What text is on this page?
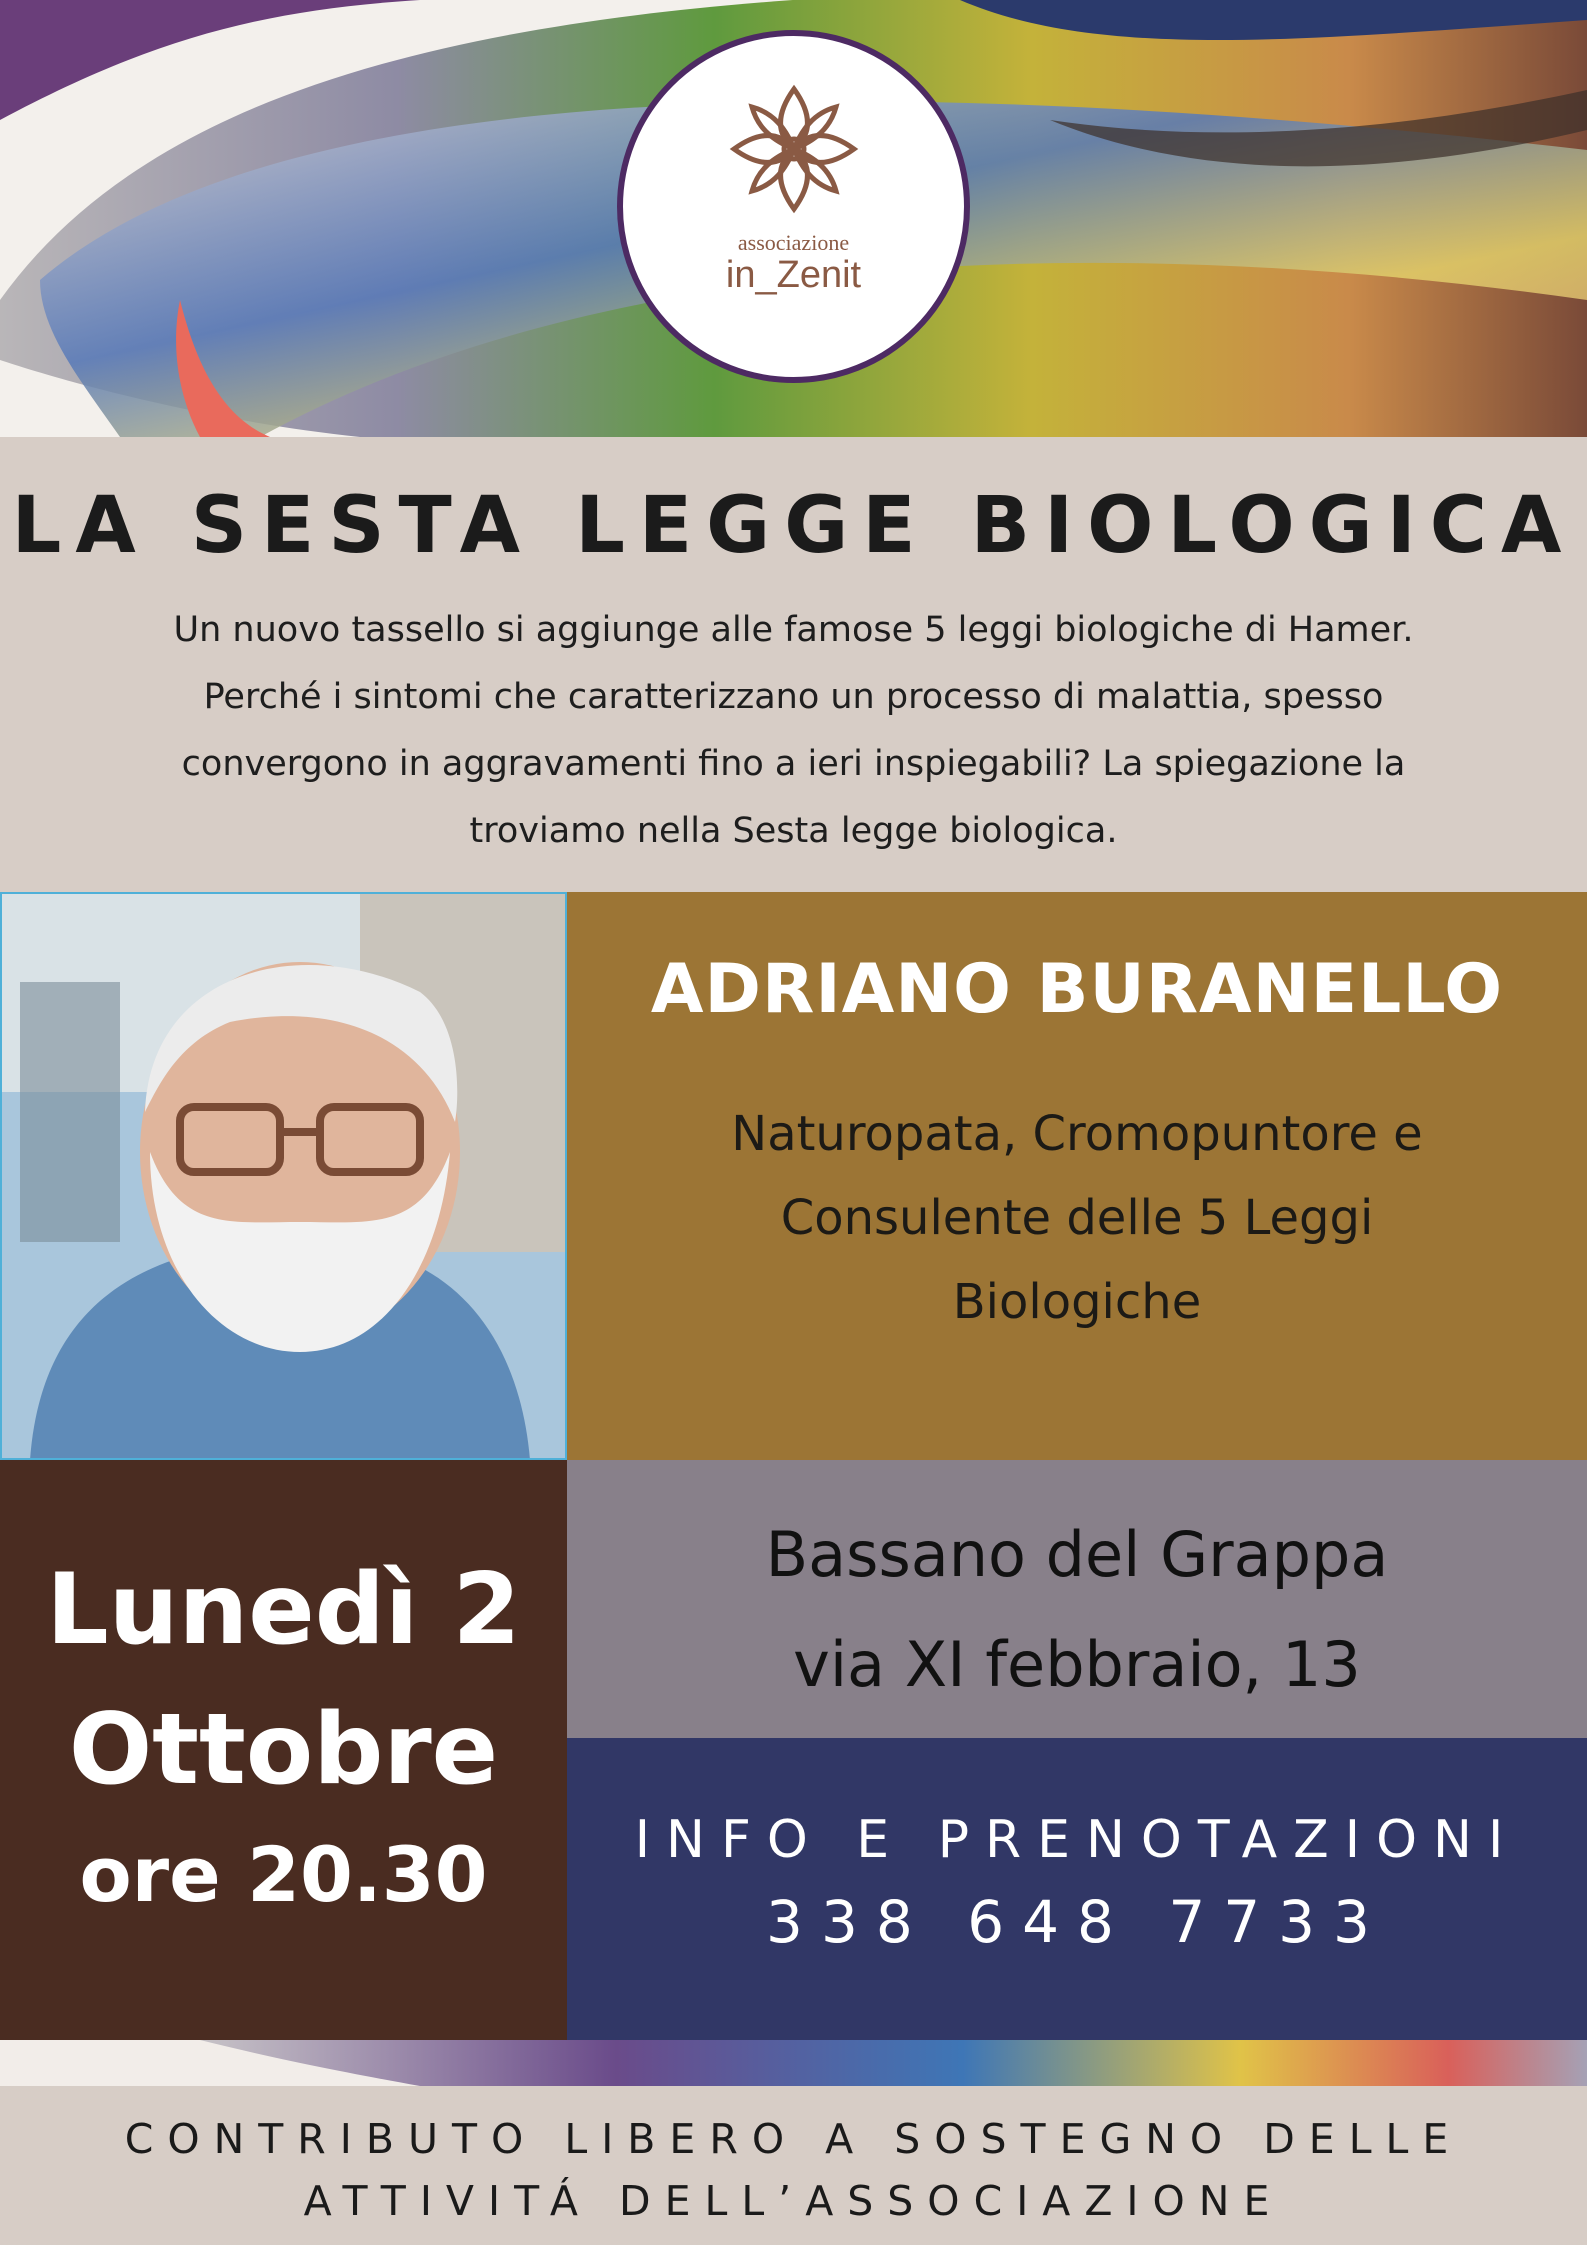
associazione
in_Zenit
LA SESTA LEGGE BIOLOGICA
Un nuovo tassello si aggiunge alle famose 5 leggi biologiche di Hamer.
Perché i sintomi che caratterizzano un processo di malattia, spesso
convergono in aggravamenti fino a ieri inspiegabili? La spiegazione la
troviamo nella Sesta legge biologica.
ADRIANO BURANELLO
Naturopata, Cromopuntore e
Consulente delle 5 Leggi
Biologiche
Lunedì 2
Ottobre
ore 20.30
Bassano del Grappa
via XI febbraio, 13
INFO E PRENOTAZIONI
338 648 7733
CONTRIBUTO LIBERO A SOSTEGNO DELLE
ATTIVITÁ DELL’ASSOCIAZIONE
